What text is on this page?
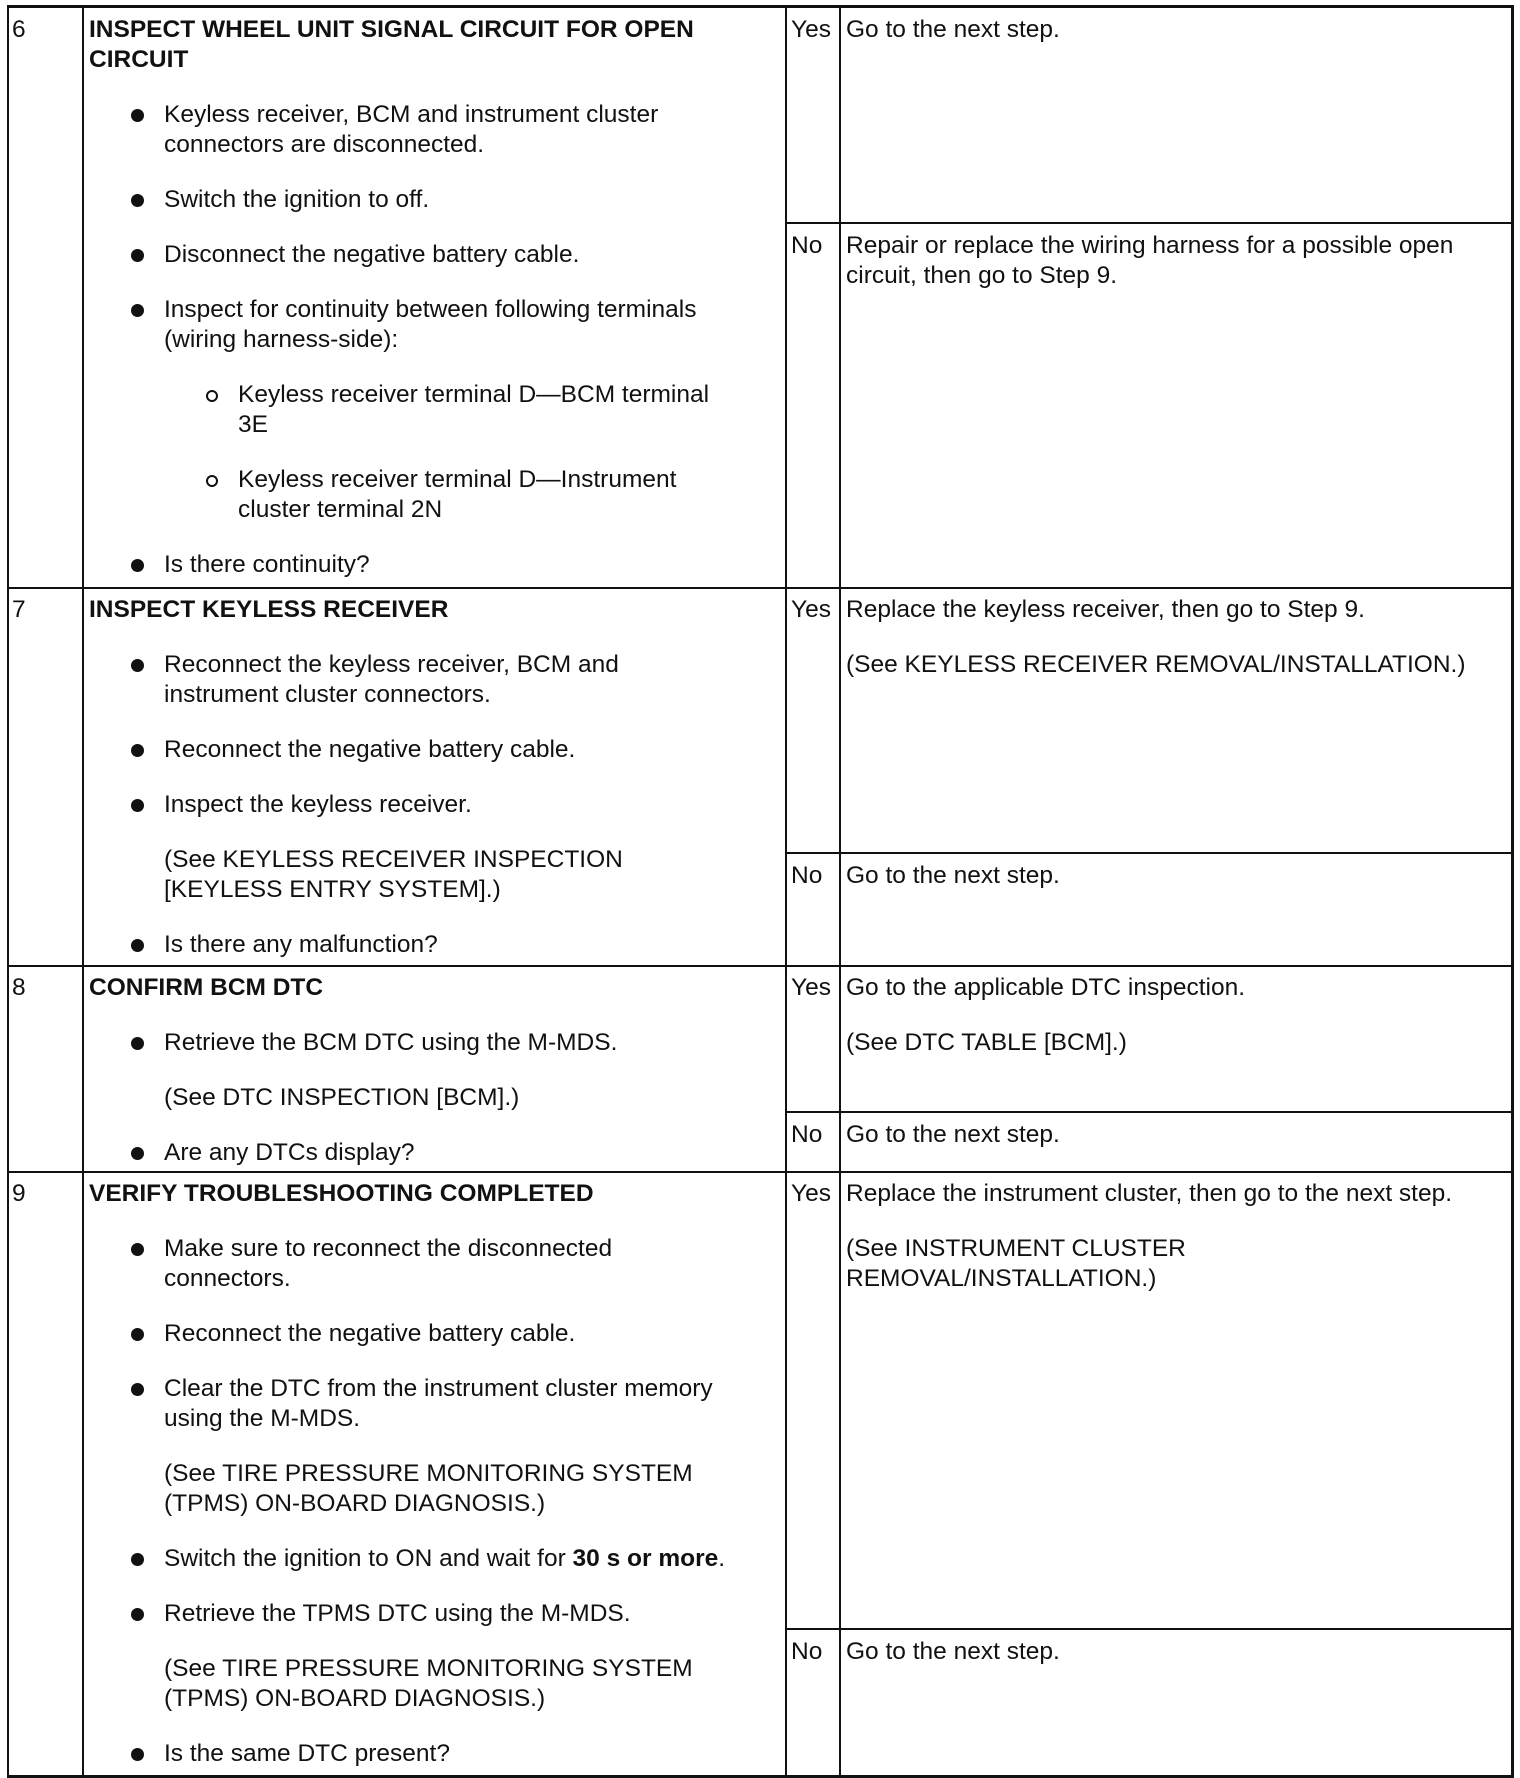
6	INSPECT WHEEL UNIT SIGNAL CIRCUIT FOR OPEN
CIRCUIT
Keyless receiver, BCM and instrument cluster
connectors are disconnected.
Switch the ignition to off.
Disconnect the negative battery cable.
Inspect for continuity between following terminals
(wiring harness-side):
Keyless receiver terminal D—BCM terminal
3E
Keyless receiver terminal D—Instrument
cluster terminal 2N
Is there continuity?
Yes Go to the next step.
No Repair or replace the wiring harness for a possible open
circuit, then go to Step 9.
7	INSPECT KEYLESS RECEIVER
Reconnect the keyless receiver, BCM and
instrument cluster connectors.
Reconnect the negative battery cable.
Inspect the keyless receiver.
(See KEYLESS RECEIVER INSPECTION
[KEYLESS ENTRY SYSTEM].)
Is there any malfunction?
Yes Replace the keyless receiver, then go to Step 9.
(See KEYLESS RECEIVER REMOVAL/INSTALLATION.)
No Go to the next step.
8	CONFIRM BCM DTC
Retrieve the BCM DTC using the M-MDS.
(See DTC INSPECTION [BCM].)
Are any DTCs display?
Yes Go to the applicable DTC inspection.
(See DTC TABLE [BCM].)
No Go to the next step.
9	VERIFY TROUBLESHOOTING COMPLETED
Make sure to reconnect the disconnected
connectors.
Reconnect the negative battery cable.
Clear the DTC from the instrument cluster memory
using the M-MDS.
(See TIRE PRESSURE MONITORING SYSTEM
(TPMS) ON-BOARD DIAGNOSIS.)
Switch the ignition to ON and wait for 30 s or more.
Retrieve the TPMS DTC using the M-MDS.
(See TIRE PRESSURE MONITORING SYSTEM
(TPMS) ON-BOARD DIAGNOSIS.)
Is the same DTC present?
Yes Replace the instrument cluster, then go to the next step.
(See INSTRUMENT CLUSTER
REMOVAL/INSTALLATION.)
No Go to the next step.
